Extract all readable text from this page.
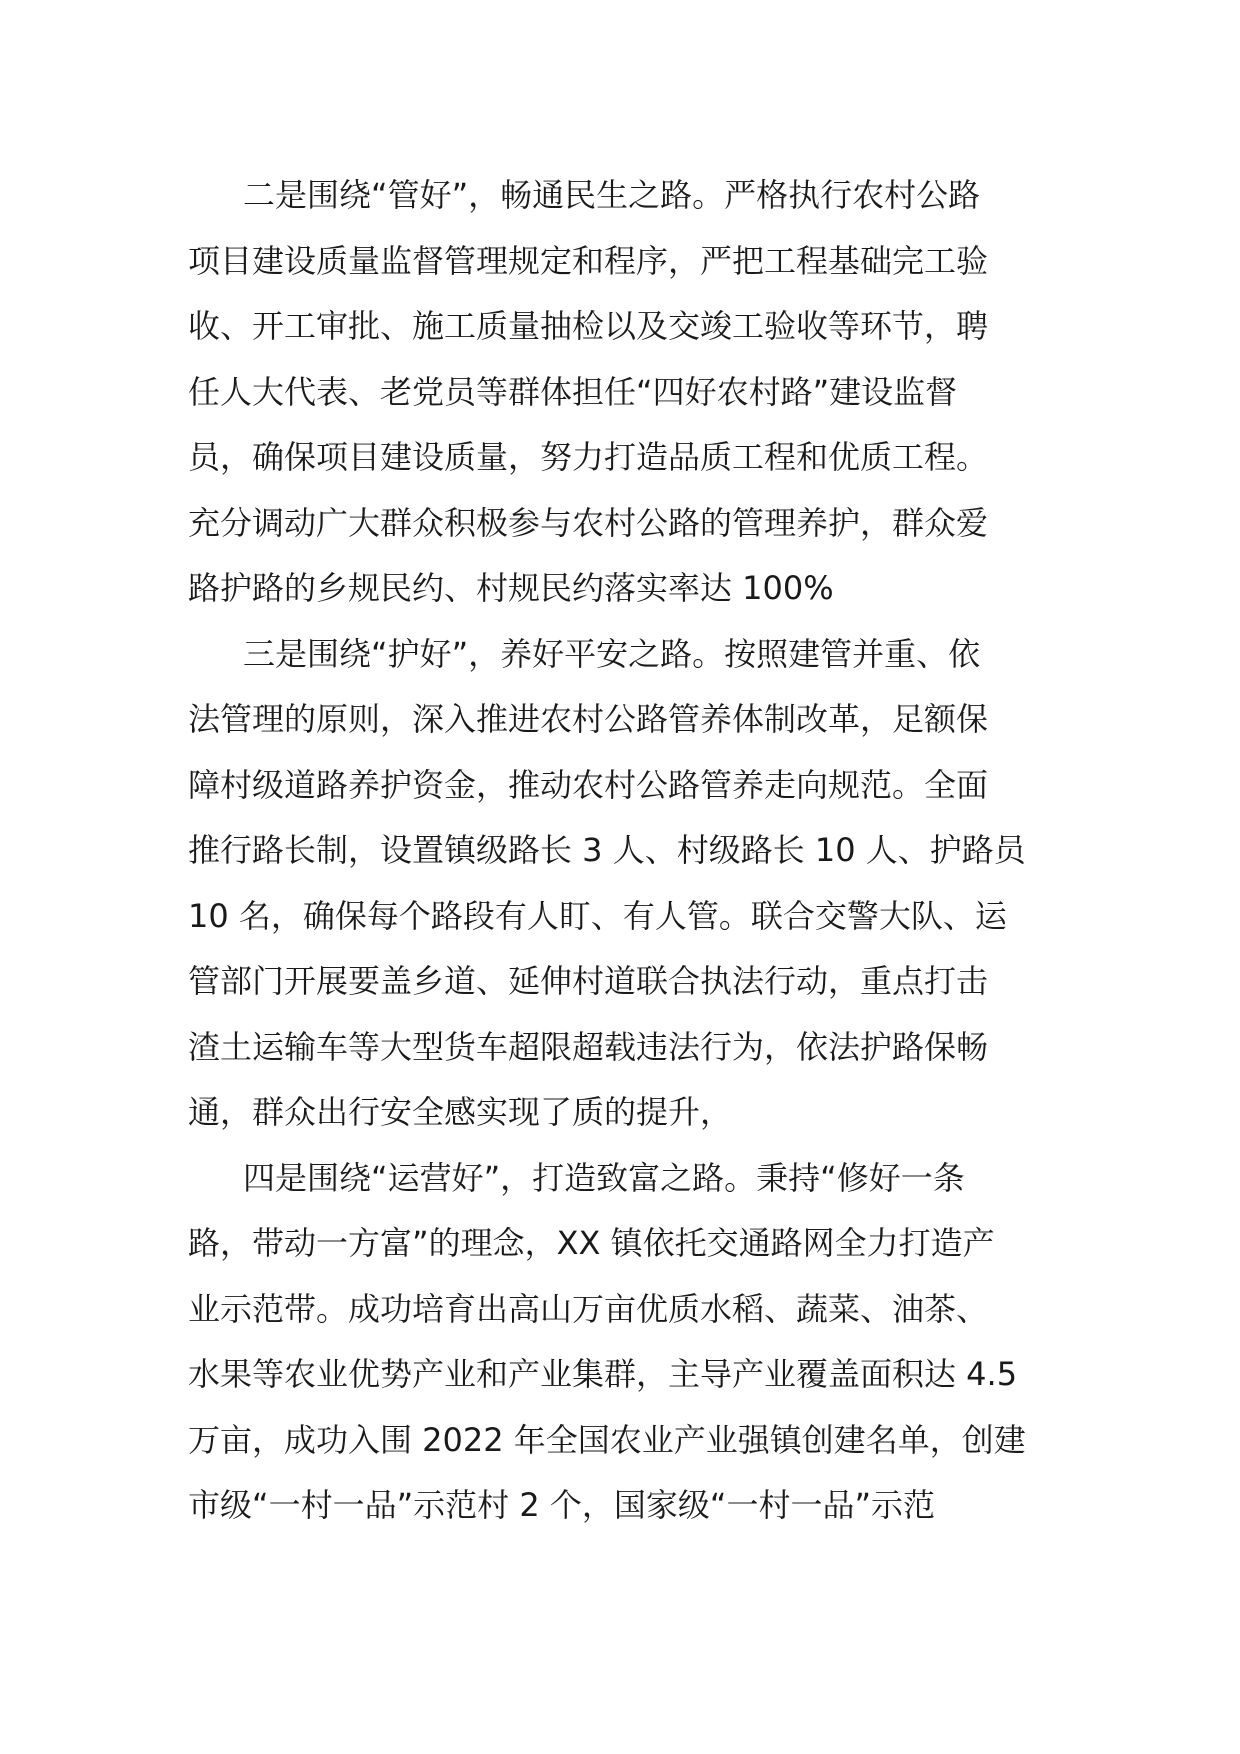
二是围绕“管好”，畅通民生之路。严格执行农村公路
项目建设质量监督管理规定和程序，严把工程基础完工验
收、开工审批、施工质量抽检以及交竣工验收等环节，聘
任人大代表、老党员等群体担任“四好农村路”建设监督
员，确保项目建设质量，努力打造品质工程和优质工程。
充分调动广大群众积极参与农村公路的管理养护，群众爱
路护路的乡规民约、村规民约落实率达 100%
三是围绕“护好”，养好平安之路。按照建管并重、依
法管理的原则，深入推进农村公路管养体制改革，足额保
障村级道路养护资金，推动农村公路管养走向规范。全面
推行路长制，设置镇级路长 3 人、村级路长 10 人、护路员
10 名，确保每个路段有人盯、有人管。联合交警大队、运
管部门开展要盖乡道、延伸村道联合执法行动，重点打击
渣土运输车等大型货车超限超载违法行为，依法护路保畅
通，群众出行安全感实现了质的提升，
四是围绕“运营好”，打造致富之路。秉持“修好一条
路，带动一方富”的理念，XX 镇依托交通路网全力打造产
业示范带。成功培育出高山万亩优质水稻、蔬菜、油茶、
水果等农业优势产业和产业集群，主导产业覆盖面积达 4.5
万亩，成功入围 2022 年全国农业产业强镇创建名单，创建
市级“一村一品”示范村 2 个，国家级“一村一品”示范
